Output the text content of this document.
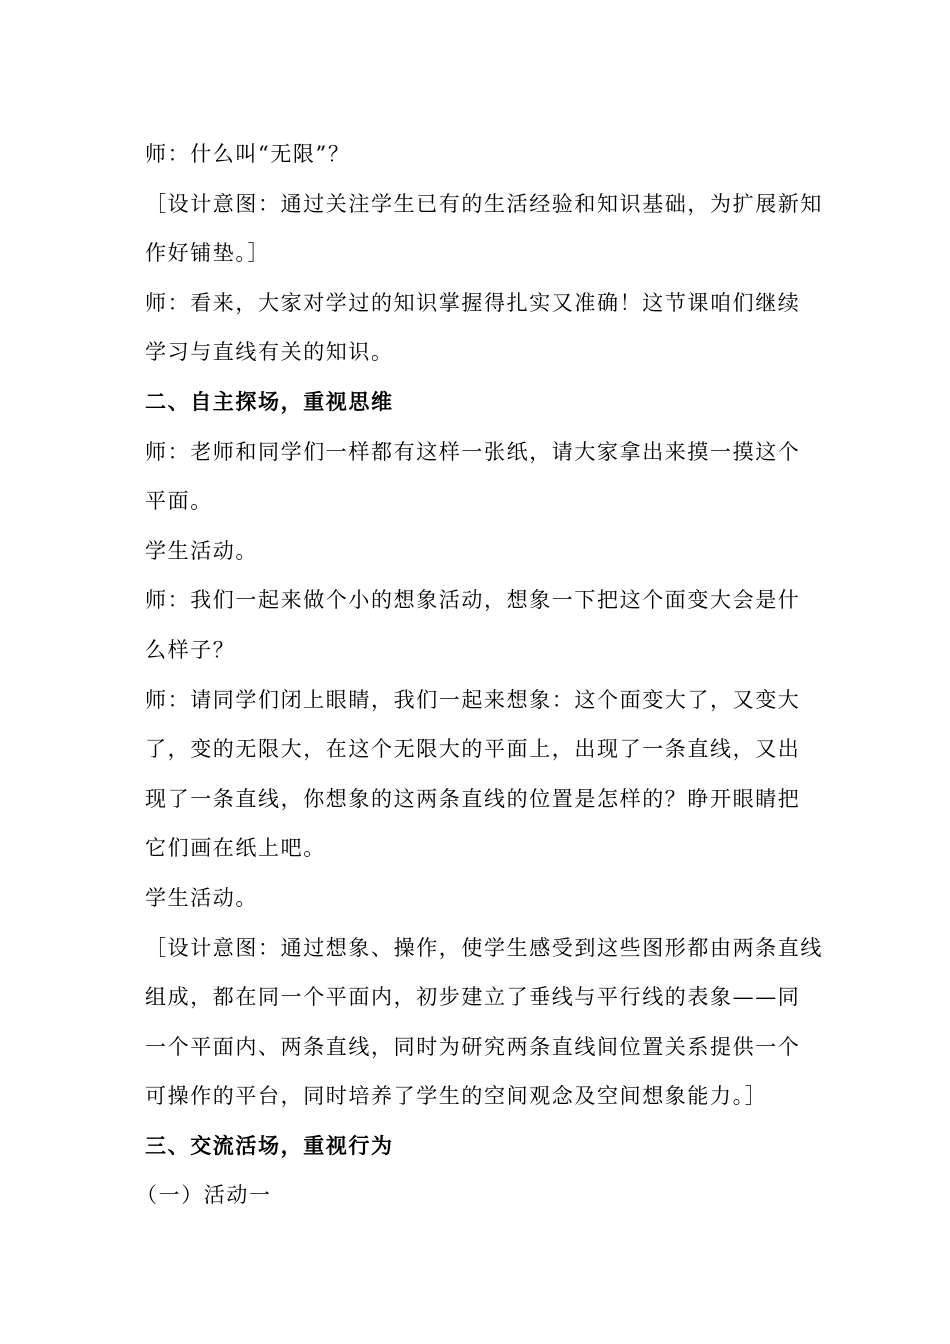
师：什么叫“无限”？
［设计意图：通过关注学生已有的生活经验和知识基础，为扩展新知
作好铺垫。］
师：看来，大家对学过的知识掌握得扎实又准确！这节课咱们继续
学习与直线有关的知识。
二、自主探场，重视思维
师：老师和同学们一样都有这样一张纸，请大家拿出来摸一摸这个
平面。
学生活动。
师：我们一起来做个小的想象活动，想象一下把这个面变大会是什
么样子？
师：请同学们闭上眼睛，我们一起来想象：这个面变大了，又变大
了，变的无限大，在这个无限大的平面上，出现了一条直线，又出
现了一条直线，你想象的这两条直线的位置是怎样的？睁开眼睛把
它们画在纸上吧。
学生活动。
［设计意图：通过想象、操作，使学生感受到这些图形都由两条直线
组成，都在同一个平面内，初步建立了垂线与平行线的表象——同
一个平面内、两条直线，同时为研究两条直线间位置关系提供一个
可操作的平台，同时培养了学生的空间观念及空间想象能力。］
三、交流活场，重视行为
（一）活动一
